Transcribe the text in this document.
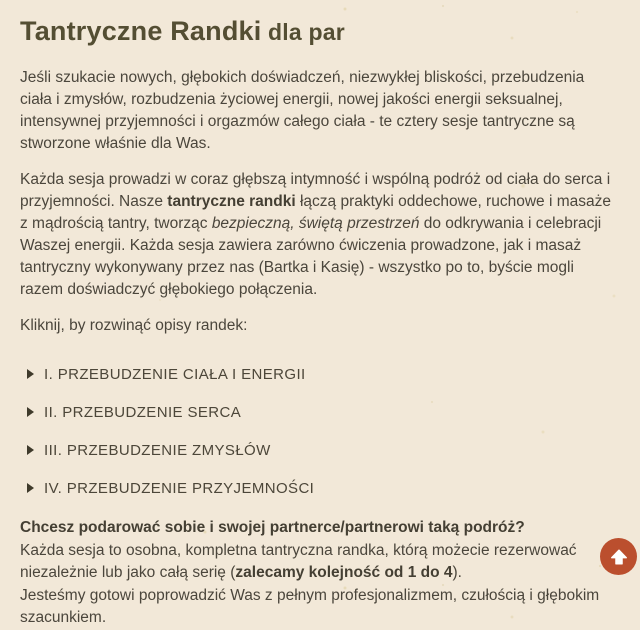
Tantryczne Randki dla par

Jeśli szukacie nowych, głębokich doświadczeń, niezwykłej bliskości, przebudzenia ciała i zmysłów, rozbudzenia życiowej energii, nowej jakości energii seksualnej, intensywnej przyjemności i orgazmów całego ciała - te cztery sesje tantryczne są stworzone właśnie dla Was.

Każda sesja prowadzi w coraz głębszą intymność i wspólną podróż od ciała do serca i przyjemności. Nasze tantryczne randki łączą praktyki oddechowe, ruchowe i masaże z mądrością tantry, tworząc bezpieczną, świętą przestrzeń do odkrywania i celebracji Waszej energii. Każda sesja zawiera zarówno ćwiczenia prowadzone, jak i masaż tantryczny wykonywany przez nas (Bartka i Kasię) - wszystko po to, byście mogli razem doświadczyć głębokiego połączenia.

Kliknij, by rozwinąć opisy randek:

I. PRZEBUDZENIE CIAŁA I ENERGII
II. PRZEBUDZENIE SERCA
III. PRZEBUDZENIE ZMYSŁÓW
IV. PRZEBUDZENIE PRZYJEMNOŚCI

Chcesz podarować sobie i swojej partnerce/partnerowi taką podróż?

Każda sesja to osobna, kompletna tantryczna randka, którą możecie rezerwować niezależnie lub jako całą serię (zalecamy kolejność od 1 do 4).

Jesteśmy gotowi poprowadzić Was z pełnym profesjonalizmem, czułością i głębokim szacunkiem.
